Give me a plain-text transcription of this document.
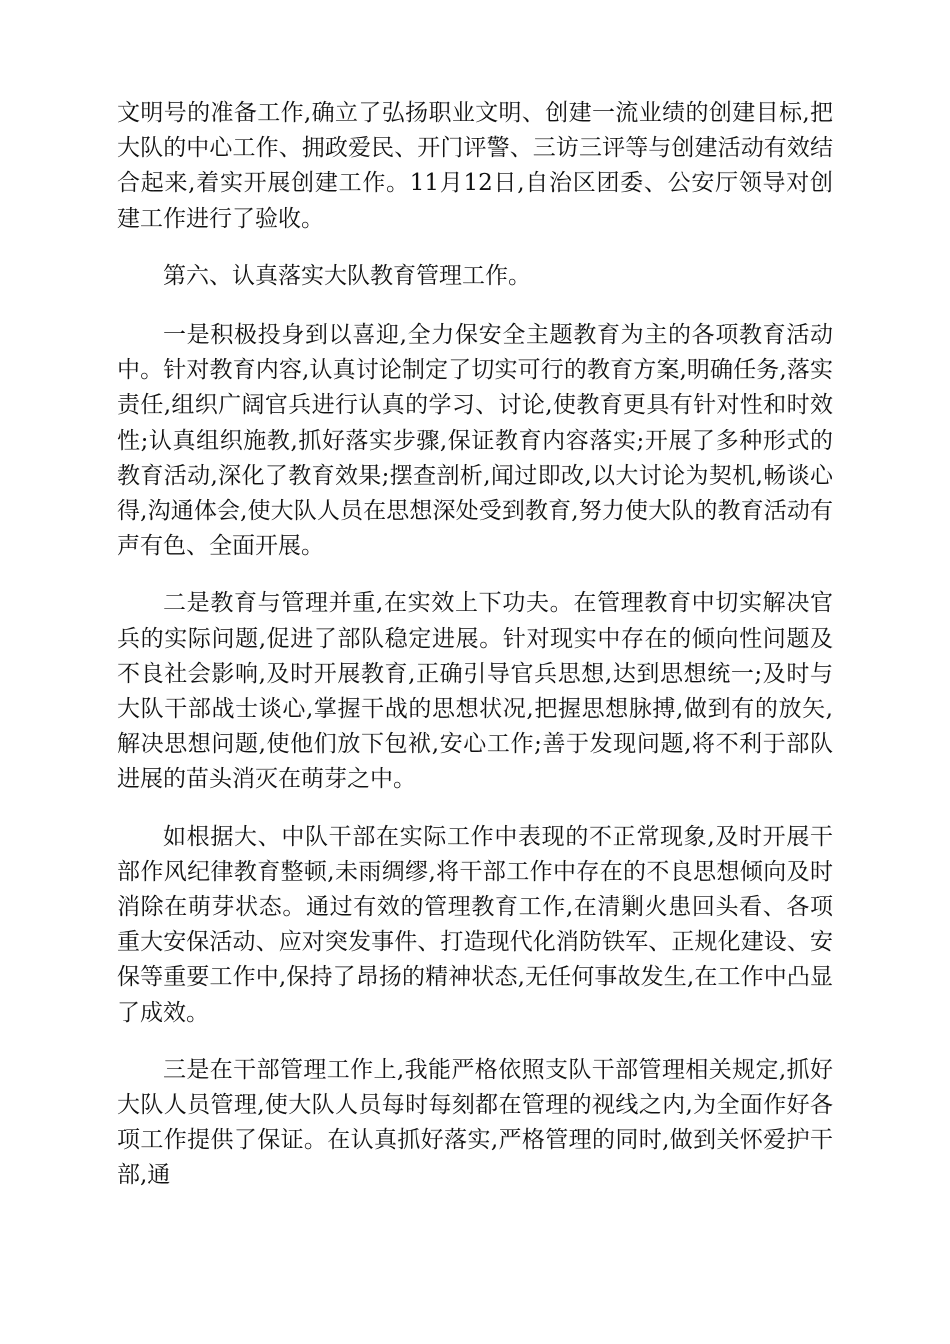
文明号的准备工作,确立了弘扬职业文明、创建一流业绩的创建目标,把大队的中心工作、拥政爱民、开门评警、三访三评等与创建活动有效结合起来,着实开展创建工作。11月12日,自治区团委、公安厅领导对创建工作进行了验收。

第六、认真落实大队教育管理工作。

一是积极投身到以喜迎,全力保安全主题教育为主的各项教育活动中。针对教育内容,认真讨论制定了切实可行的教育方案,明确任务,落实责任,组织广阔官兵进行认真的学习、讨论,使教育更具有针对性和时效性;认真组织施教,抓好落实步骤,保证教育内容落实;开展了多种形式的教育活动,深化了教育效果;摆查剖析,闻过即改,以大讨论为契机,畅谈心得,沟通体会,使大队人员在思想深处受到教育,努力使大队的教育活动有声有色、全面开展。

二是教育与管理并重,在实效上下功夫。在管理教育中切实解决官兵的实际问题,促进了部队稳定进展。针对现实中存在的倾向性问题及不良社会影响,及时开展教育,正确引导官兵思想,达到思想统一;及时与大队干部战士谈心,掌握干战的思想状况,把握思想脉搏,做到有的放矢,解决思想问题,使他们放下包袱,安心工作;善于发现问题,将不利于部队进展的苗头消灭在萌芽之中。

如根据大、中队干部在实际工作中表现的不正常现象,及时开展干部作风纪律教育整顿,未雨绸缪,将干部工作中存在的不良思想倾向及时消除在萌芽状态。通过有效的管理教育工作,在清剿火患回头看、各项重大安保活动、应对突发事件、打造现代化消防铁军、正规化建设、安保等重要工作中,保持了昂扬的精神状态,无任何事故发生,在工作中凸显了成效。

三是在干部管理工作上,我能严格依照支队干部管理相关规定,抓好大队人员管理,使大队人员每时每刻都在管理的视线之内,为全面作好各项工作提供了保证。在认真抓好落实,严格管理的同时,做到关怀爱护干部,通
